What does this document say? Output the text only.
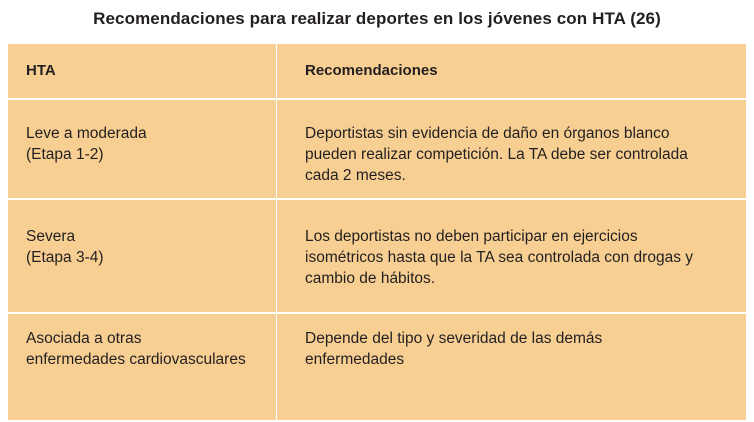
Recomendaciones para realizar deportes en los jóvenes con HTA (26)
HTA	Recomendaciones
Leve a moderada
(Etapa 1-2)
Deportistas sin evidencia de daño en órganos blanco
pueden realizar competición. La TA debe ser controlada
cada 2 meses.
Severa
(Etapa 3-4)
Los deportistas no deben participar en ejercicios
isométricos hasta que la TA sea controlada con drogas y
cambio de hábitos.
Asociada a otras
enfermedades cardiovasculares
Depende del tipo y severidad de las demás
enfermedades
